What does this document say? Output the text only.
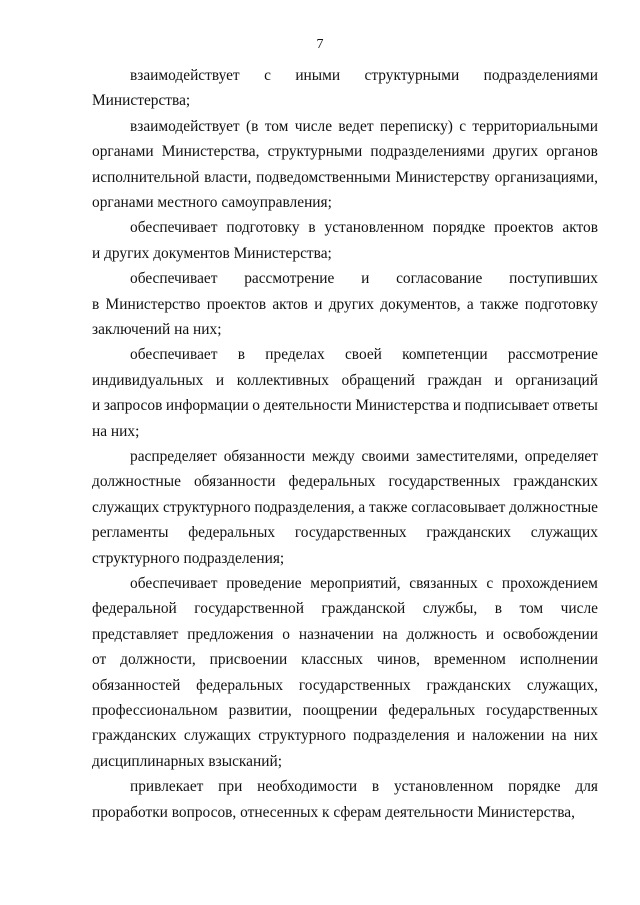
7
взаимодействует с иными структурными подразделениями
Министерства;
взаимодействует (в том числе ведет переписку) с территориальными
органами Министерства, структурными подразделениями других органов
исполнительной власти, подведомственными Министерству организациями,
органами местного самоуправления;
обеспечивает подготовку в установленном порядке проектов актов
и других документов Министерства;
обеспечивает рассмотрение и согласование поступивших
в Министерство проектов актов и других документов, а также подготовку
заключений на них;
обеспечивает в пределах своей компетенции рассмотрение
индивидуальных и коллективных обращений граждан и организаций
и запросов информации о деятельности Министерства и подписывает ответы
на них;
распределяет обязанности между своими заместителями, определяет
должностные обязанности федеральных государственных гражданских
служащих структурного подразделения, а также согласовывает должностные
регламенты федеральных государственных гражданских служащих
структурного подразделения;
обеспечивает проведение мероприятий, связанных с прохождением
федеральной государственной гражданской службы, в том числе
представляет предложения о назначении на должность и освобождении
от должности, присвоении классных чинов, временном исполнении
обязанностей федеральных государственных гражданских служащих,
профессиональном развитии, поощрении федеральных государственных
гражданских служащих структурного подразделения и наложении на них
дисциплинарных взысканий;
привлекает при необходимости в установленном порядке для
проработки вопросов, отнесенных к сферам деятельности Министерства,
